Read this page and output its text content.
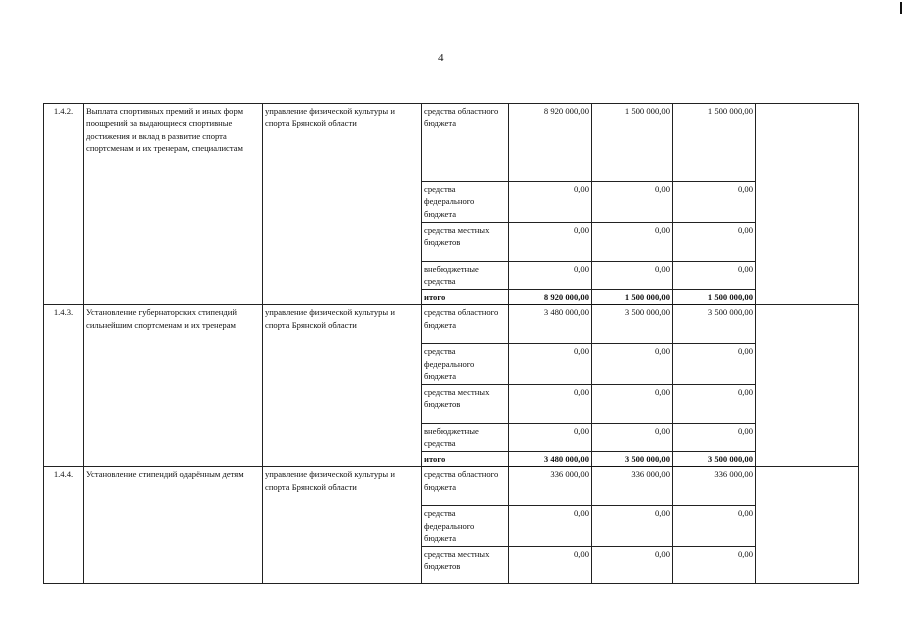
4
1.4.2.	Выплата спортивных премий и иных форм поощрений за выдающиеся спортивные достижения и вклад в развитие спорта спортсменам и их тренерам, специалистам	управление физической культуры и спорта Брянской области	средства областного бюджета	8 920 000,00	1 500 000,00	1 500 000,00	
			средства федерального бюджета	0,00	0,00	0,00	
			средства местных бюджетов	0,00	0,00	0,00	
			внебюджетные средства	0,00	0,00	0,00	
			итого	8 920 000,00	1 500 000,00	1 500 000,00	
1.4.3.	Установление губернаторских стипендий сильнейшим спортсменам и их тренерам	управление физической культуры и спорта Брянской области	средства областного бюджета	3 480 000,00	3 500 000,00	3 500 000,00	
			средства федерального бюджета	0,00	0,00	0,00	
			средства местных бюджетов	0,00	0,00	0,00	
			внебюджетные средства	0,00	0,00	0,00	
			итого	3 480 000,00	3 500 000,00	3 500 000,00	
1.4.4.	Установление стипендий одарённым детям	управление физической культуры и спорта Брянской области	средства областного бюджета	336 000,00	336 000,00	336 000,00	
			средства федерального бюджета	0,00	0,00	0,00	
			средства местных бюджетов	0,00	0,00	0,00	
